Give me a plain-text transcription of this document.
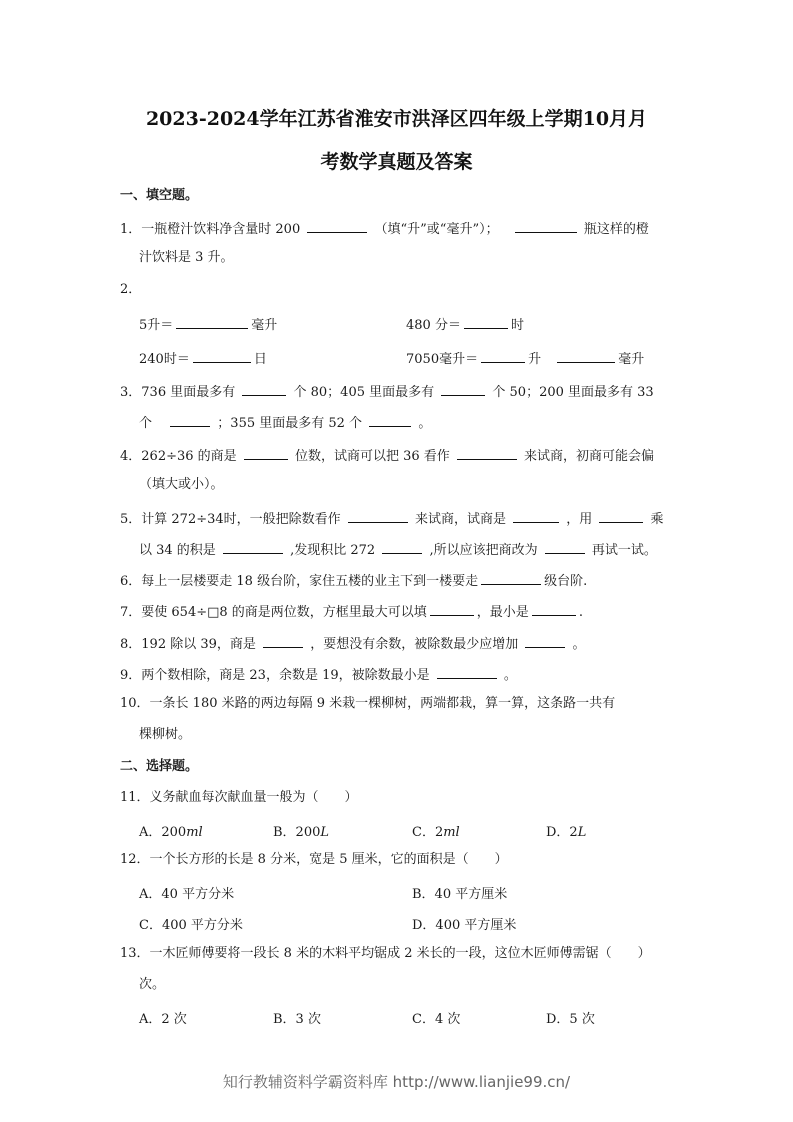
2023-2024学年江苏省淮安市洪泽区四年级上学期10月月
考数学真题及答案
一、填空题。
1．一瓶橙汁饮料净含量时 200	（填“升”或“毫升”）；	瓶这样的橙
汁饮料是 3 升。
2．
5升＝	毫升	480 分＝	时
240时＝	日	7050毫升＝	升	毫升
3．736 里面最多有	个 80；405 里面最多有	个 50；200 里面最多有 33
个	；355 里面最多有 52 个	。
4．262÷36 的商是	位数，试商可以把 36 看作	来试商，初商可能会偏
（填大或小）。
5．计算 272÷34时，一般把除数看作	来试商，试商是	，用	乘
以 34 的积是	,发现积比 272	,所以应该把商改为	再试一试。
6．每上一层楼要走 18 级台阶，家住五楼的业主下到一楼要走	级台阶.
7．要使 654÷□8 的商是两位数，方框里最大可以填	，最小是	.
8．192 除以 39，商是	，要想没有余数，被除数最少应增加	。
9．两个数相除，商是 23，余数是 19，被除数最小是	。
10．一条长 180 米路的两边每隔 9 米栽一棵柳树，两端都栽，算一算，这条路一共有
棵柳树。
二、选择题。
11．义务献血每次献血量一般为（　　）
A．200ml	B．200L	C．2ml	D．2L
12．一个长方形的长是 8 分米，宽是 5 厘米，它的面积是（　　）
A．40 平方分米	B．40 平方厘米
C．400 平方分米	D．400 平方厘米
13．一木匠师傅要将一段长 8 米的木料平均锯成 2 米长的一段，这位木匠师傅需锯（　　）
次。
A．2 次	B．3 次	C．4 次	D．5 次
知行教辅资料学霸资料库 http://www.lianjie99.cn/
